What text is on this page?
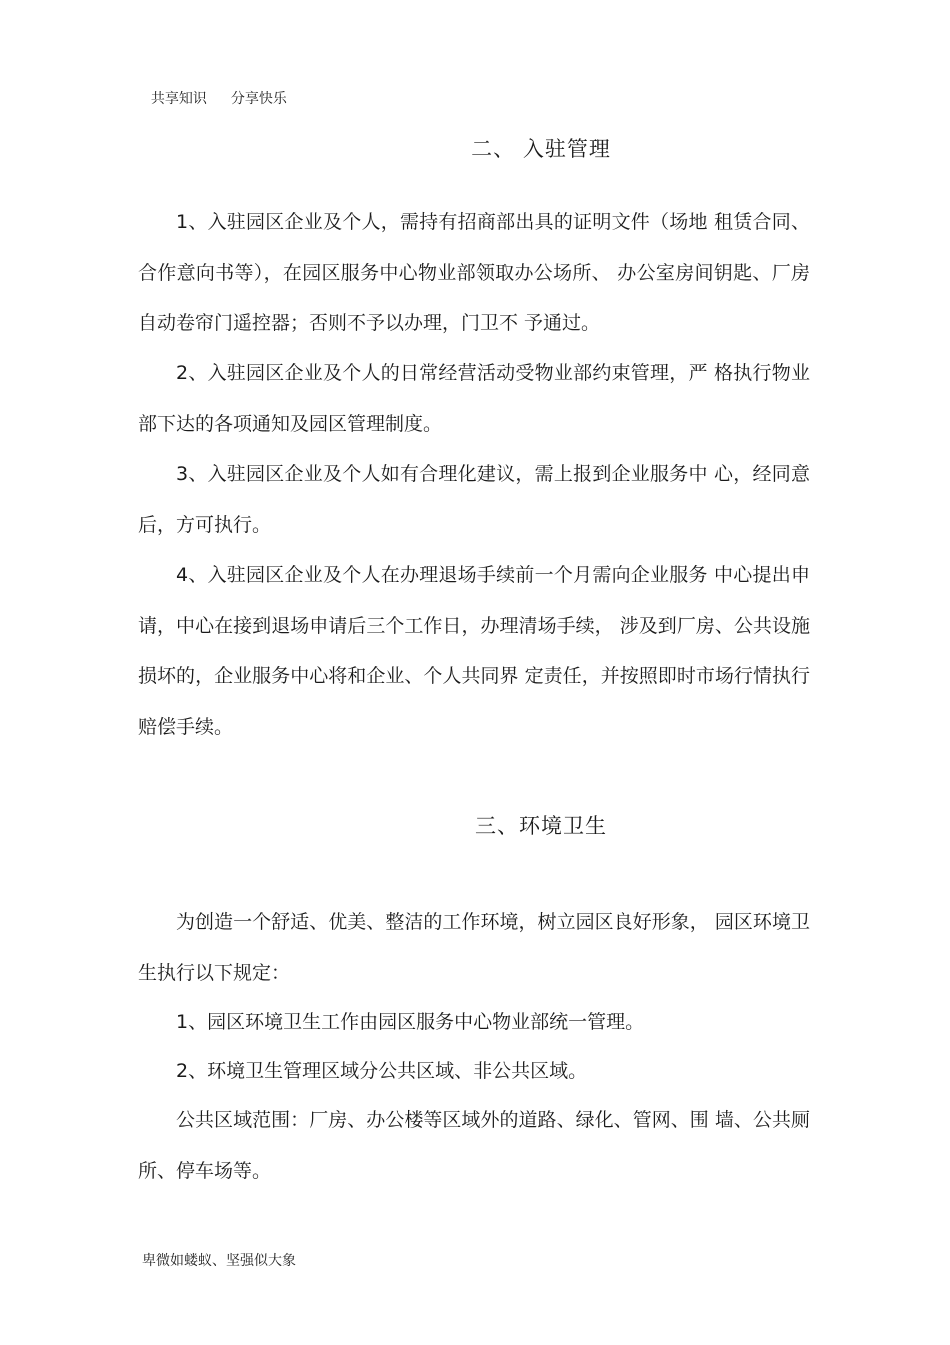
共享知识 分享快乐

二、 入驻管理

1、入驻园区企业及个人，需持有招商部出具的证明文件（场地 租赁合同、合作意向书等），在园区服务中心物业部领取办公场所、 办公室房间钥匙、厂房自动卷帘门遥控器；否则不予以办理，门卫不 予通过。

2、入驻园区企业及个人的日常经营活动受物业部约束管理，严 格执行物业部下达的各项通知及园区管理制度。

3、入驻园区企业及个人如有合理化建议，需上报到企业服务中 心，经同意后，方可执行。

4、入驻园区企业及个人在办理退场手续前一个月需向企业服务 中心提出申请，中心在接到退场申请后三个工作日，办理清场手续， 涉及到厂房、公共设施损坏的，企业服务中心将和企业、个人共同界 定责任，并按照即时市场行情执行赔偿手续。

三、环境卫生

为创造一个舒适、优美、整洁的工作环境，树立园区良好形象， 园区环境卫生执行以下规定：

1、园区环境卫生工作由园区服务中心物业部统一管理。

2、环境卫生管理区域分公共区域、非公共区域。

公共区域范围：厂房、办公楼等区域外的道路、绿化、管网、围 墙、公共厕所、停车场等。

卑微如蝼蚁、坚强似大象
